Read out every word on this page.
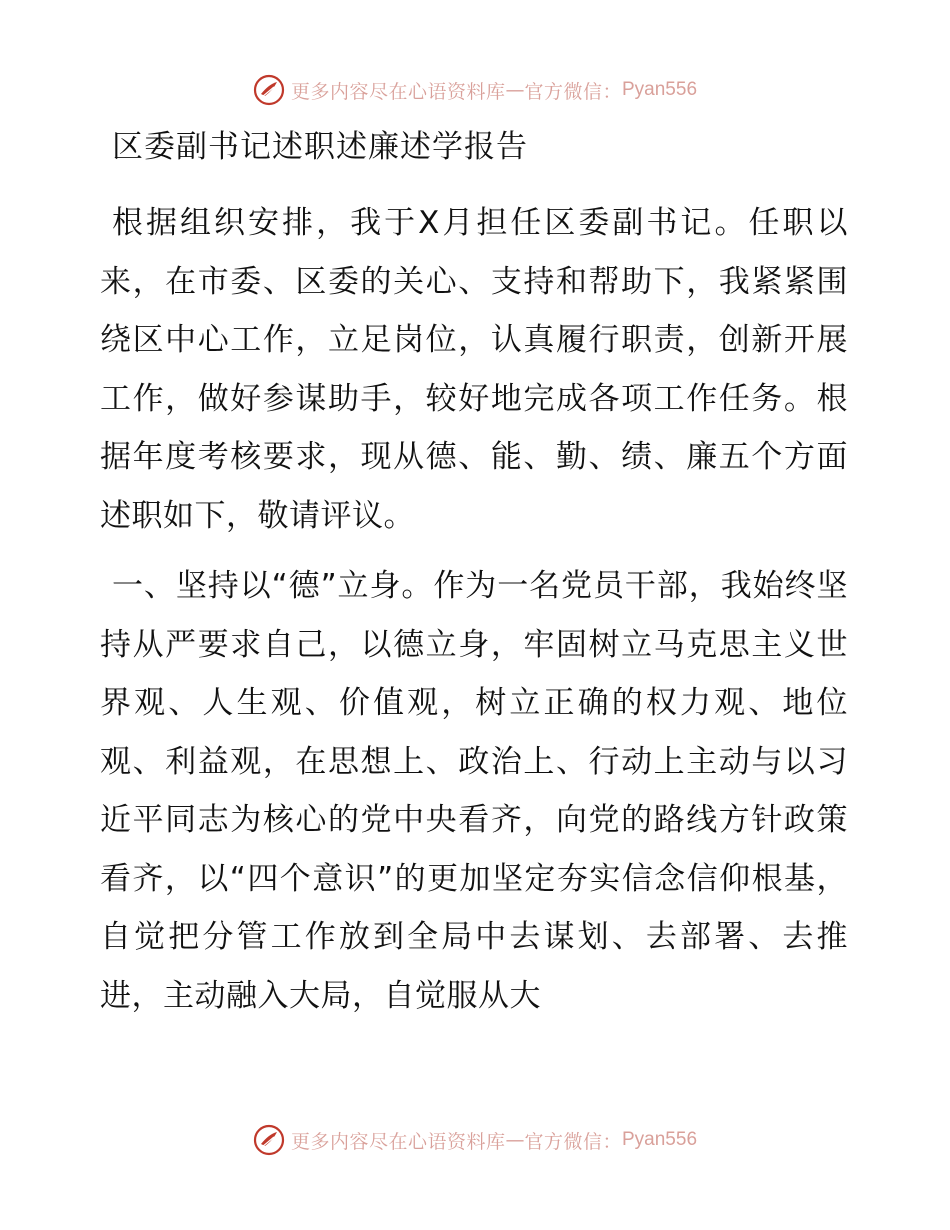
更多内容尽在心语资料库 — 官方微信： Pyan556
区委副书记述职述廉述学报告

根据组织安排，我于X月担任区委副书记。任职以来，在市委、区委的关心、支持和帮助下，我紧紧围绕区中心工作，立足岗位，认真履行职责，创新开展工作，做好参谋助手，较好地完成各项工作任务。根据年度考核要求，现从德、能、勤、绩、廉五个方面述职如下，敬请评议。

一、坚持以“德”立身。作为一名党员干部，我始终坚持从严要求自己，以德立身，牢固树立马克思主义世界观、人生观、价值观，树立正确的权力观、地位观、利益观，在思想上、政治上、行动上主动与以习近平同志为核心的党中央看齐，向党的路线方针政策看齐，以“四个意识”的更加坚定夯实信念信仰根基，自觉把分管工作放到全局中去谋划、去部署、去推进，主动融入大局，自觉服从大

更多内容尽在心语资料库 — 官方微信： Pyan556
